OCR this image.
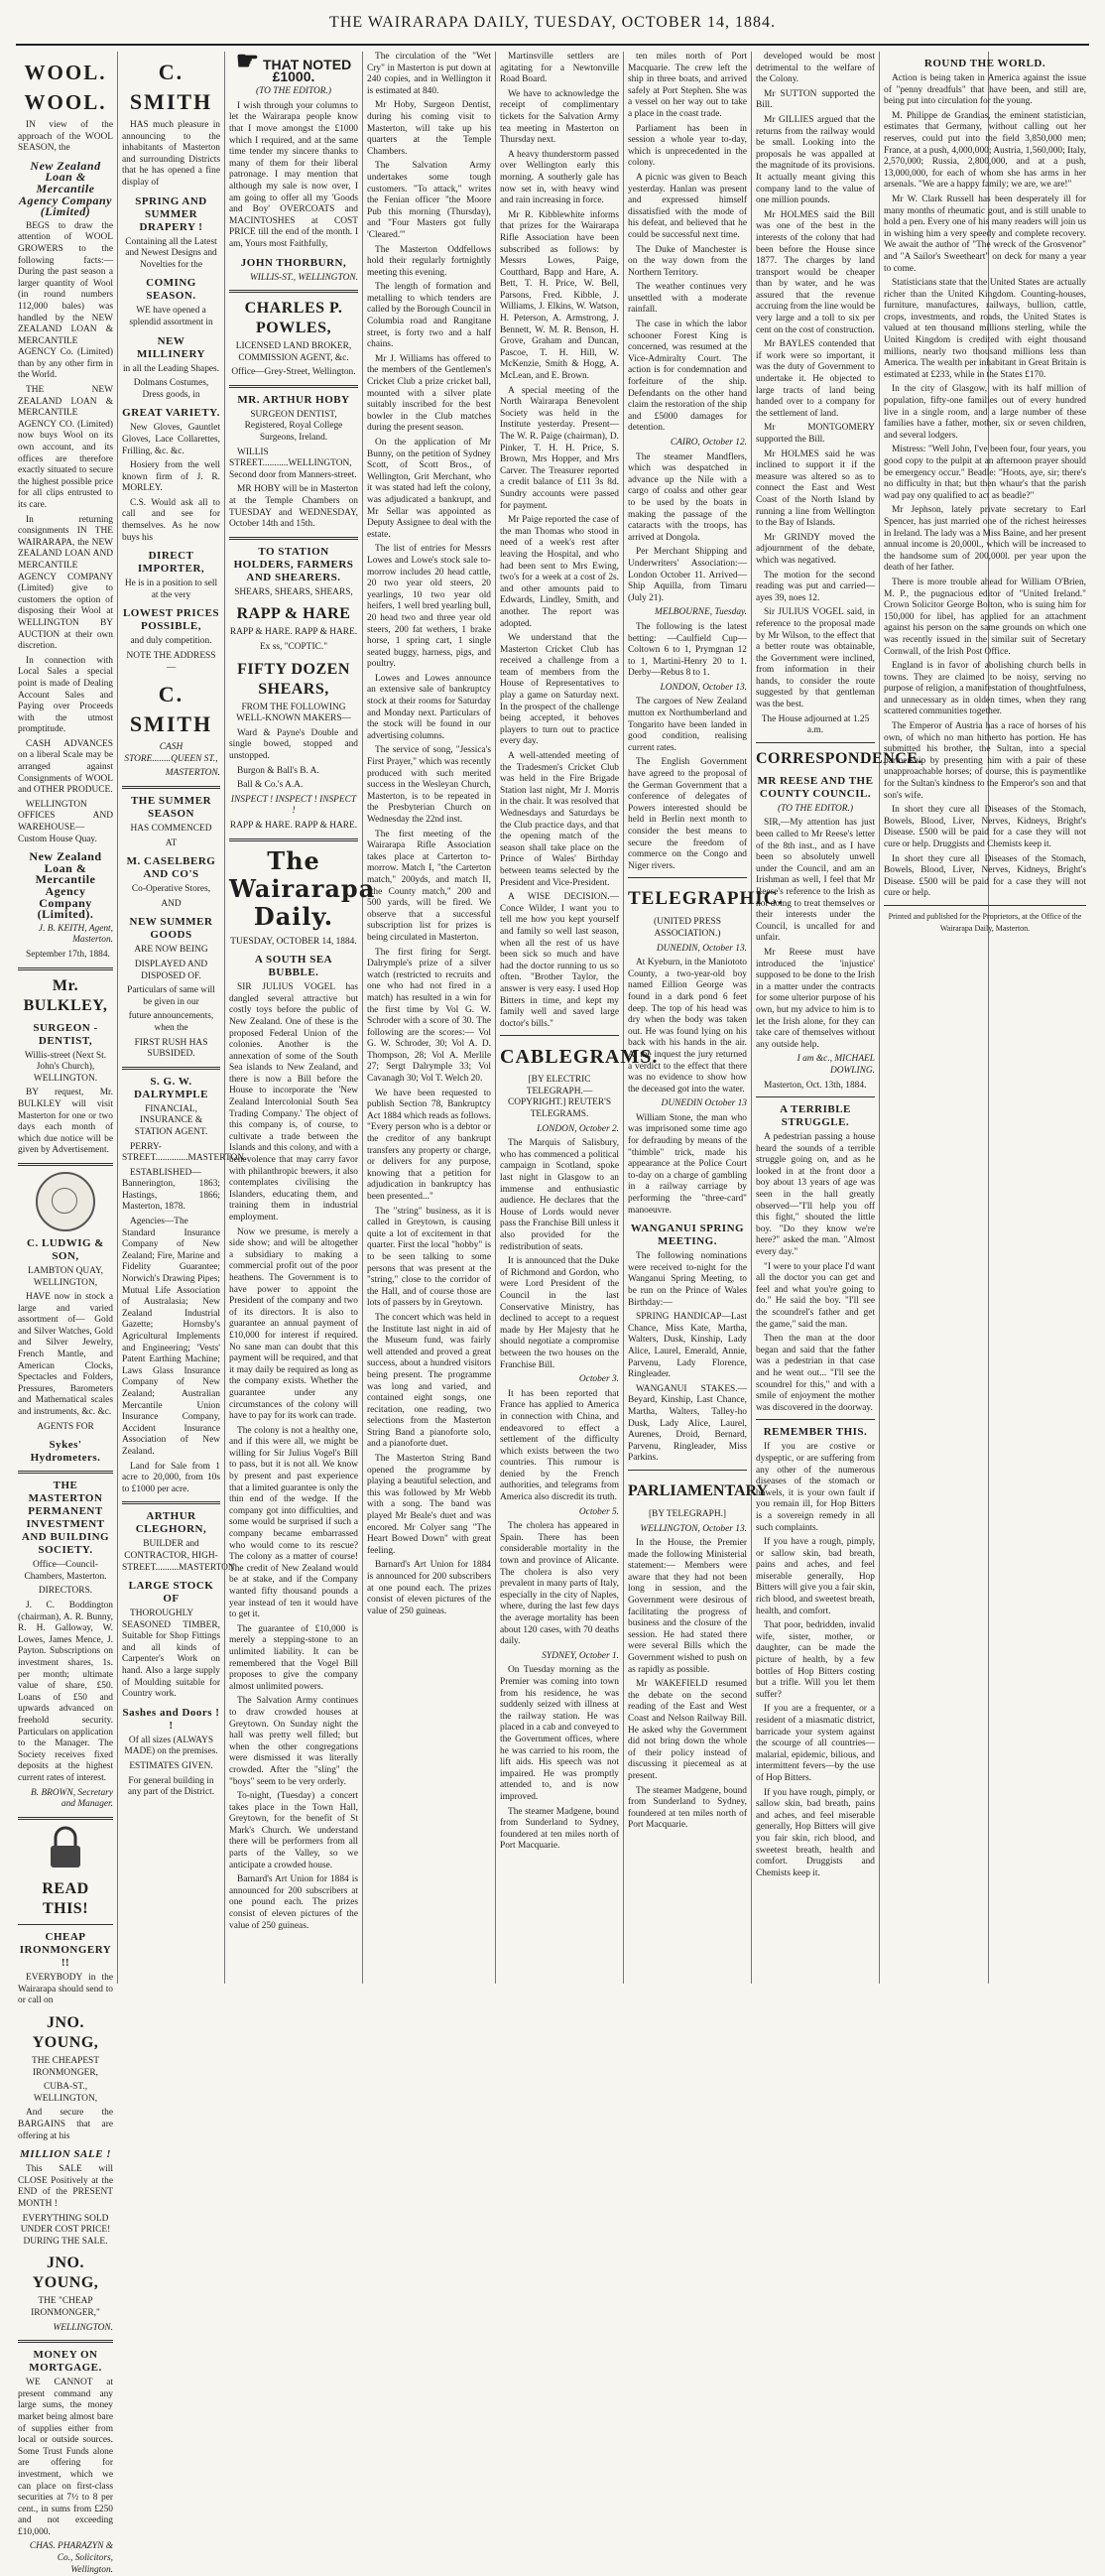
THE WAIRARAPA DAILY, TUESDAY, OCTOBER 14, 1884.
WOOL. WOOL.

IN view of the approach of the WOOL SEASON, the

New Zealand Loan & Mercantile Agency Company (Limited)

BEGS to draw the attention of WOOL GROWERS to the following facts:— During the past season a larger quantity of Wool (in round numbers 112,000 bales) was handled by the NEW ZEALAND LOAN & MERCANTILE AGENCY Co. (Limited) than by any other firm in the World.

THE NEW ZEALAND LOAN & MERCANTILE AGENCY CO. (Limited) now buys Wool on its own account, and its offices are therefore exactly situated to secure the highest possible price for all clips entrusted to its care.

In returning consignments IN THE WAIRARAPA, the NEW ZEALAND LOAN AND MERCANTILE AGENCY COMPANY (Limited) give to customers the option of disposing their Wool at WELLINGTON BY AUCTION at their own discretion.

In connection with Local Sales a special point is made of Dealing Account Sales and Paying over Proceeds with the utmost promptitude.

CASH ADVANCES on a liberal Scale may be arranged against Consignments of WOOL and OTHER PRODUCE.

WELLINGTON OFFICES AND WAREHOUSE— Custom House Quay.

New Zealand Loan & Mercantile Agency Company (Limited).

J. B. KEITH, Agent, Masterton.

September 17th, 1884.

Mr. BULKLEY,
SURGEON - DENTIST,

Willis-street (Next St. John's Church), WELLINGTON.

BY request, Mr. BULKLEY will visit Masterton for one or two days each month of which due notice will be given by Advertisement.

C. LUDWIG & SON,

LAMBTON QUAY, WELLINGTON,

HAVE now in stock a large and varied assortment of— Gold and Silver Watches, Gold and Silver Jewelry, French Mantle, and American Clocks, Spectacles and Folders, Pressures, Barometers and Mathematical scales and instruments, &c. &c.

AGENTS FOR

Sykes' Hydrometers.
THE MASTERTON PERMANENT INVESTMENT AND BUILDING SOCIETY.

Office—Council-Chambers, Masterton.

DIRECTORS.

J. C. Boddington (chairman), A. R. Bunny, R. H. Galloway, W. Lowes, James Mence, J. Payton. Subscriptions on investment shares, 1s. per month; ultimate value of share, £50. Loans of £50 and upwards advanced on freehold security. Particulars on application to the Manager. The Society receives fixed deposits at the highest current rates of interest.

B. BROWN, Secretary and Manager.

READ THIS!
CHEAP IRONMONGERY !!

EVERYBODY in the Wairarapa should send to or call on

JNO. YOUNG,

THE CHEAPEST IRONMONGER,

CUBA-ST., WELLINGTON,

And secure the BARGAINS that are offering at his

MILLION SALE !

This SALE will CLOSE Positively at the END of the PRESENT MONTH !

EVERYTHING SOLD UNDER COST PRICE! DURING THE SALE.

JNO. YOUNG,

THE "CHEAP IRONMONGER,"

WELLINGTON.

MONEY ON MORTGAGE.

WE CANNOT at present command any large sums, the money market being almost bare of supplies either from local or outside sources. Some Trust Funds alone are offering for investment, which we can place on first-class securities at 7½ to 8 per cent., in sums from £250 and not exceeding £10,000.

CHAS. PHARAZYN & Co., Solicitors, Wellington.

C. SMITH

HAS much pleasure in announcing to the inhabitants of Masterton and surrounding Districts that he has opened a fine display of

SPRING AND SUMMER DRAPERY !

Containing all the Latest and Newest Designs and Novelties for the

COMING SEASON.

WE have opened a splendid assortment in

NEW MILLINERY

in all the Leading Shapes.

Dolmans Costumes, Dress goods, in

GREAT VARIETY.

New Gloves, Gauntlet Gloves, Lace Collarettes, Frilling, &c. &c.

Hosiery from the well known firm of J. R. MORLEY.

C.S. Would ask all to call and see for themselves. As he now buys his

DIRECT IMPORTER,

He is in a position to sell at the very

LOWEST PRICES POSSIBLE,

and duly competition.

NOTE THE ADDRESS—

C. SMITH

CASH STORE........QUEEN ST.,

MASTERTON.

THE SUMMER SEASON

HAS COMMENCED

AT

M. CASELBERG AND CO'S

Co-Operative Stores,

AND

NEW SUMMER GOODS

ARE NOW BEING

DISPLAYED AND DISPOSED OF.

Particulars of same will be given in our

future announcements, when the

FIRST RUSH HAS SUBSIDED.

S. G. W. DALRYMPLE

FINANCIAL, INSURANCE & STATION AGENT.

PERRY-STREET..............MASTERTON.

ESTABLISHED—Bannerington, 1863; Hastings, 1866; Masterton, 1878.

Agencies—The Standard Insurance Company of New Zealand; Fire, Marine and Fidelity Guarantee; Norwich's Drawing Pipes; Mutual Life Association of Australasia; New Zealand Industrial Gazette; Hornsby's Agricultural Implements and Engineering; 'Vests' Patent Earthing Machine; Laws Glass Insurance Company of New Zealand; Australian Mercantile Union Insurance Company, Accident Insurance Association of New Zealand.

Land for Sale from 1 acre to 20,000, from 10s to £1000 per acre.

ARTHUR CLEGHORN,

BUILDER and CONTRACTOR, HIGH-STREET..........MASTERTON.

LARGE STOCK OF

THOROUGHLY SEASONED TIMBER, Suitable for Shop Fittings and all kinds of Carpenter's Work on hand. Also a large supply of Moulding suitable for Country work.

Sashes and Doors ! !

Of all sizes (ALWAYS MADE) on the premises.

ESTIMATES GIVEN.

For general building in any part of the District.

☛ THAT NOTED £1000.

(TO THE EDITOR.)

I wish through your columns to let the Wairarapa people know that I move amongst the £1000 which I required, and at the same time tender my sincere thanks to many of them for their liberal patronage. I may mention that although my sale is now over, I am going to offer all my 'Goods and Boy' OVERCOATS and MACINTOSHES at COST PRICE till the end of the month. I am, Yours most Faithfully,

JOHN THORBURN,

WILLIS-ST., WELLINGTON.

CHARLES P. POWLES,

LICENSED LAND BROKER, COMMISSION AGENT, &c.

Office—Grey-Street, Wellington.

MR. ARTHUR HOBY

SURGEON DENTIST, Registered, Royal College Surgeons, Ireland.

WILLIS STREET...........WELLINGTON, Second door from Manners-street.

MR HOBY will be in Masterton at the Temple Chambers on TUESDAY and WEDNESDAY, October 14th and 15th.

TO STATION HOLDERS, FARMERS AND SHEARERS.

SHEARS, SHEARS, SHEARS,

RAPP & HARE

RAPP & HARE. RAPP & HARE.

Ex ss, "COPTIC."

FIFTY DOZEN SHEARS,

FROM THE FOLLOWING WELL-KNOWN MAKERS—

Ward & Payne's Double and single bowed, stopped and unstopped.

Burgon & Ball's B. A.

Ball & Co.'s A.A.

INSPECT ! INSPECT ! INSPECT !

RAPP & HARE. RAPP & HARE.

The Wairarapa Daily.

TUESDAY, OCTOBER 14, 1884.

A SOUTH SEA BUBBLE.

SIR JULIUS VOGEL has dangled several attractive but costly toys before the public of New Zealand. One of these is the proposed Federal Union of the colonies. Another is the annexation of some of the South Sea islands to New Zealand, and there is now a Bill before the House to incorporate the 'New Zealand Intercolonial South Sea Trading Company.' The object of this company is, of course, to cultivate a trade between the Islands and this colony, and with a benevolence that may carry favor with philanthropic brewers, it also contemplates civilising the Islanders, educating them, and training them in industrial employment.

Now we presume, is merely a side show; and will be altogether a subsidiary to making a commercial profit out of the poor heathens. The Government is to have power to appoint the President of the company and two of its directors. It is also to guarantee an annual payment of £10,000 for interest if required. No sane man can doubt that this payment will be required, and that it may daily be required as long as the company exists. Whether the guarantee under any circumstances of the colony will have to pay for its work can trade.

The colony is not a healthy one, and if this were all, we might be willing for Sir Julius Vogel's Bill to pass, but it is not all. We know by present and past experience that a limited guarantee is only the thin end of the wedge. If the company got into difficulties, and some would be surprised if such a company became embarrassed who would come to its rescue? The colony as a matter of course! The credit of New Zealand would be at stake, and if the Company wanted fifty thousand pounds a year instead of ten it would have to get it.

The guarantee of £10,000 is merely a stepping-stone to an unlimited liability. It can be remembered that the Vogel Bill proposes to give the company almost unlimited powers.

The Salvation Army continues to draw crowded houses at Greytown. On Sunday night the hall was pretty well filled; but when the other congregations were dismissed it was literally crowded. After the "sling" the "boys" seem to be very orderly.

To-night, (Tuesday) a concert takes place in the Town Hall, Greytown, for the benefit of St Mark's Church. We understand there will be performers from all parts of the Valley, so we anticipate a crowded house.

Barnard's Art Union for 1884 is announced for 200 subscribers at one pound each. The prizes consist of eleven pictures of the value of 250 guineas.

The circulation of the "Wet Cry" in Masterton is put down at 240 copies, and in Wellington it is estimated at 840.

Mr Hoby, Surgeon Dentist, during his coming visit to Masterton, will take up his quarters at the Temple Chambers.

The Salvation Army undertakes some tough customers. "To attack," writes the Fenian officer "the Moore Pub this morning (Thursday), and "Four Masters got fully 'Cleared.'"

The Masterton Oddfellows hold their regularly fortnightly meeting this evening.

The length of formation and metalling to which tenders are called by the Borough Council in Columbia road and Rangitane street, is forty two and a half chains.

Mr J. Williams has offered to the members of the Gentlemen's Cricket Club a prize cricket ball, mounted with a silver plate suitably inscribed for the best bowler in the Club matches during the present season.

On the application of Mr Bunny, on the petition of Sydney Scott, of Scott Bros., of Wellington, Grit Merchant, who it was stated had left the colony, was adjudicated a bankrupt, and Mr Sellar was appointed as Deputy Assignee to deal with the estate.

The list of entries for Messrs Lowes and Lowe's stock sale to-morrow includes 20 head cattle, 20 two year old steers, 20 yearlings, 10 two year old heifers, 1 well bred yearling bull, 20 head two and three year old steers, 200 fat wethers, 1 brake horse, 1 spring cart, 1 single seated buggy, harness, pigs, and poultry.

Lowes and Lowes announce an extensive sale of bankruptcy stock at their rooms for Saturday and Monday next. Particulars of the stock will be found in our advertising columns.

The service of song, "Jessica's First Prayer," which was recently produced with such merited success in the Wesleyan Church, Masterton, is to be repeated in the Presbyterian Church on Wednesday the 22nd inst.

The first meeting of the Wairarapa Rifle Association takes place at Carterton to-morrow. Match I, "the Carterton match," 200yds, and match II, "the County match," 200 and 500 yards, will be fired. We observe that a successful subscription list for prizes is being circulated in Masterton.

The first firing for Sergt. Dalrymple's prize of a silver watch (restricted to recruits and one who had not fired in a match) has resulted in a win for the first time by Vol G. W. Schroder with a score of 30. The following are the scores:— Vol G. W. Schroder, 30; Vol A. D. Thompson, 28; Vol A. Merlile 27; Sergt Dalrymple 33; Vol Cavanagh 30; Vol T. Welch 20.

We have been requested to publish Section 78, Bankruptcy Act 1884 which reads as follows. "Every person who is a debtor or the creditor of any bankrupt transfers any property or charge, or delivers for any purpose, knowing that a petition for adjudication in bankruptcy has been presented..."

The "string" business, as it is called in Greytown, is causing quite a lot of excitement in that quarter. First the local "hobby" is to be seen talking to some persons that was present at the "string," close to the corridor of the Hall, and of course those are lots of passers by in Greytown.

The concert which was held in the Institute last night in aid of the Museum fund, was fairly well attended and proved a great success, about a hundred visitors being present. The programme was long and varied, and contained eight songs, one recitation, one reading, two selections from the Masterton String Band a pianoforte solo, and a pianoforte duet.

The Masterton String Band opened the programme by playing a beautiful selection, and this was followed by Mr Webb with a song. The band was played Mr Beale's duet and was encored. Mr Colyer sang "The Heart Bowed Down" with great feeling.

Barnard's Art Union for 1884 is announced for 200 subscribers at one pound each. The prizes consist of eleven pictures of the value of 250 guineas.

Martinsville settlers are agitating for a Newtonville Road Board.

We have to acknowledge the receipt of complimentary tickets for the Salvation Army tea meeting in Masterton on Thursday next.

A heavy thunderstorm passed over Wellington early this morning. A southerly gale has now set in, with heavy wind and rain increasing in force.

Mr R. Kibblewhite informs that prizes for the Wairarapa Rifle Association have been subscribed as follows: by Messrs Lowes, Paige, Coutthard, Bapp and Hare, A. Bett, T. H. Price, W. Bell, Parsons, Fred. Kibble, J. Williams, J. Elkins, W. Watson, H. Peterson, A. Armstrong, J. Bennett, W. M. R. Benson, H. Grove, Graham and Duncan, Pascoe, T. H. Hill, W. McKenzie, Smith & Hogg, A. McLean, and E. Brown.

A special meeting of the North Wairarapa Benevolent Society was held in the Institute yesterday. Present—The W. R. Paige (chairman), D. Pinker, T. H. H. Price, S. Brown, Mrs Hopper, and Mrs Carver. The Treasurer reported a credit balance of £11 3s 8d. Sundry accounts were passed for payment.

Mr Paige reported the case of the man Thomas who stood in need of a week's rest after leaving the Hospital, and who had been sent to Mrs Ewing, two's for a week at a cost of 2s. and other amounts paid to Edwards, Lindley, Smith, and another. The report was adopted.

We understand that the Masterton Cricket Club has received a challenge from a team of members from the House of Representatives to play a game on Saturday next. In the prospect of the challenge being accepted, it behoves players to turn out to practice every day.

A well-attended meeting of the Tradesmen's Cricket Club was held in the Fire Brigade Station last night, Mr J. Morris in the chair. It was resolved that Wednesdays and Saturdays be the Club practice days, and that the opening match of the season shall take place on the Prince of Wales' Birthday between teams selected by the President and Vice-President.

A WISE DECISION.—Conce Wilder, I want you to tell me how you kept yourself and family so well last season, when all the rest of us have been sick so much and have had the doctor running to us so often. "Brother Taylor, the answer is very easy. I used Hop Bitters in time, and kept my family well and saved large doctor's bills."

CABLEGRAMS.

[BY ELECTRIC TELEGRAPH.—COPYRIGHT.] REUTER'S TELEGRAMS.

LONDON, October 2.

The Marquis of Salisbury, who has commenced a political campaign in Scotland, spoke last night in Glasgow to an immense and enthusiastic audience. He declares that the House of Lords would never pass the Franchise Bill unless it also provided for the redistribution of seats.

It is announced that the Duke of Richmond and Gordon, who were Lord President of the Council in the last Conservative Ministry, has declined to accept to a request made by Her Majesty that he should negotiate a compromise between the two houses on the Franchise Bill.

October 3.

It has been reported that France has applied to America in connection with China, and endeavored to effect a settlement of the difficulty which exists between the two countries. This rumour is denied by the French authorities, and telegrams from America also discredit its truth.

October 5.

The cholera has appeared in Spain. There has been considerable mortality in the town and province of Alicante. The cholera is also very prevalent in many parts of Italy, especially in the city of Naples, where, during the last few days the average mortality has been about 120 cases, with 70 deaths daily.

SYDNEY, October 1.

On Tuesday morning as the Premier was coming into town from his residence, he was suddenly seized with illness at the railway station. He was placed in a cab and conveyed to the Government offices, where he was carried to his room, the lift aids. His speech was not impaired. He was promptly attended to, and is now improved.

The steamer Madgene, bound from Sunderland to Sydney, foundered at ten miles north of Port Macquarie.

ten miles north of Port Macquarie. The crew left the ship in three boats, and arrived safely at Port Stephen. She was a vessel on her way out to take a place in the coast trade.

Parliament has been in session a whole year to-day, which is unprecedented in the colony.

A picnic was given to Beach yesterday. Hanlan was present and expressed himself dissatisfied with the mode of his defeat, and believed that he could be successful next time.

The Duke of Manchester is on the way down from the Northern Territory.

The weather continues very unsettled with a moderate rainfall.

The case in which the labor schooner Forest King is concerned, was resumed at the Vice-Admiralty Court. The action is for condemnation and forfeiture of the ship. Defendants on the other hand claim the restoration of the ship and £5000 damages for detention.

CAIRO, October 12.

The steamer Mandflers, which was despatched in advance up the Nile with a cargo of coalss and other gear to be used by the boats in making the passage of the cataracts with the troops, has arrived at Dongola.

Per Merchant Shipping and Underwriters' Association:—London October 11. Arrived—Ship Aquilla, from Timaru (July 21).

MELBOURNE, Tuesday.

The following is the latest betting: —Caulfield Cup—Coltown 6 to 1, Prymgnan 12 to 1, Martini-Henry 20 to 1. Derby—Rebus 8 to 1.

LONDON, October 13.

The cargoes of New Zealand mutton ex Northumberland and Tongarito have been landed in good condition, realising current rates.

The English Government have agreed to the proposal of the German Government that a conference of delegates of Powers interested should be held in Berlin next month to consider the best means to secure the freedom of commerce on the Congo and Niger rivers.

TELEGRAPHIC.

(UNITED PRESS ASSOCIATION.)

DUNEDIN, October 13.

At Kyeburn, in the Maniototo County, a two-year-old boy named Eillion George was found in a dark pond 6 feet deep. The top of his head was dry when the body was taken out. He was found lying on his back with his hands in the air. At the inquest the jury returned a verdict to the effect that there was no evidence to show how the deceased got into the water.

DUNEDIN October 13

William Stone, the man who was imprisoned some time ago for defrauding by means of the "thimble" trick, made his appearance at the Police Court to-day on a charge of gambling in a railway carriage by performing the "three-card" manoeuvre.

WANGANUI SPRING MEETING.

The following nominations were received to-night for the Wanganui Spring Meeting, to be run on the Prince of Wales Birthday:—

SPRING HANDICAP—Last Chance, Miss Kate, Martha, Walters, Dusk, Kinship, Lady Alice, Laurel, Emerald, Annie, Parvenu, Lady Florence, Ringleader.

WANGANUI STAKES.—Beyard, Kinship, Last Chance, Martha, Walters, Talley-ho Dusk, Lady Alice, Laurel, Aurenes, Droid, Bernard, Parvenu, Ringleader, Miss Parkins.

PARLIAMENTARY

[BY TELEGRAPH.]

WELLINGTON, October 13.

In the House, the Premier made the following Ministerial statement:— Members were aware that they had not been long in session, and the Government were desirous of facilitating the progress of business and the closure of the session. He had stated there were several Bills which the Government wished to push on as rapidly as possible.

Mr WAKEFIELD resumed the debate on the second reading of the East and West Coast and Nelson Railway Bill. He asked why the Government did not bring down the whole of their policy instead of discussing it piecemeal as at present.

The steamer Madgene, bound from Sunderland to Sydney, foundered at ten miles north of Port Macquarie.

developed would be most detrimental to the welfare of the Colony.

Mr SUTTON supported the Bill.

Mr GILLIES argued that the returns from the railway would be small. Looking into the proposals he was appalled at the magnitude of its provisions. It actually meant giving this company land to the value of one million pounds.

Mr HOLMES said the Bill was one of the best in the interests of the colony that had been before the House since 1877. The charges by land transport would be cheaper than by water, and he was assured that the revenue accruing from the line would be very large and a toll to six per cent on the cost of construction.

Mr BAYLES contended that if work were so important, it was the duty of Government to undertake it. He objected to large tracts of land being handed over to a company for the settlement of land.

Mr MONTGOMERY supported the Bill.

Mr HOLMES said he was inclined to support it if the measure was altered so as to connect the East and West Coast of the North Island by running a line from Wellington to the Bay of Islands.

Mr GRINDY moved the adjournment of the debate, which was negatived.

The motion for the second reading was put and carried—ayes 39, noes 12.

Sir JULIUS VOGEL said, in reference to the proposal made by Mr Wilson, to the effect that a better route was obtainable, the Government were inclined, from information in their hands, to consider the route suggested by that gentleman was the best.

The House adjourned at 1.25 a.m.

CORRESPONDENCE.
MR REESE AND THE COUNTY COUNCIL.

(TO THE EDITOR.)

SIR,—My attention has just been called to Mr Reese's letter of the 8th inst., and as I have been so absolutely unwell under the Council, and am an Irishman as well, I feel that Mr Reese's reference to the Irish as not doing to treat themselves or their interests under the Council, is uncalled for and unfair.

Mr Reese must have introduced the 'injustice' supposed to be done to the Irish in a matter under the contracts for some ulterior purpose of his own, but my advice to him is to let the Irish alone, for they can take care of themselves without any outside help.

I am &c., MICHAEL DOWLING.

Masterton, Oct. 13th, 1884.

A TERRIBLE STRUGGLE.

A pedestrian passing a house heard the sounds of a terrible struggle going on, and as he looked in at the front door a boy about 13 years of age was seen in the hall greatly observed—"I'll help you off this fight," shouted the little boy. "Do they know we're here?" asked the man. "Almost every day."

"I were to your place I'd want all the doctor you can get and feel and what you're going to do." He said the boy. "I'll see the scoundrel's father and get the game," said the man.

Then the man at the door began and said that the father was a pedestrian in that case and he went out... "I'll see the scoundrel for this," and with a smile of enjoyment the mother was discovered in the doorway.

REMEMBER THIS.

If you are costive or dyspeptic, or are suffering from any other of the numerous diseases of the stomach or bowels, it is your own fault if you remain ill, for Hop Bitters is a sovereign remedy in all such complaints.

If you have a rough, pimply, or sallow skin, bad breath, pains and aches, and feel miserable generally, Hop Bitters will give you a fair skin, rich blood, and sweetest breath, health, and comfort.

That poor, bedridden, invalid wife, sister, mother, or daughter, can be made the picture of health, by a few bottles of Hop Bitters costing but a trifle. Will you let them suffer?

If you are a frequenter, or a resident of a miasmatic district, barricade your system against the scourge of all countries—malarial, epidemic, bilious, and intermittent fevers—by the use of Hop Bitters.

If you have rough, pimply, or sallow skin, bad breath, pains and aches, and feel miserable generally, Hop Bitters will give you fair skin, rich blood, and sweetest breath, health and comfort. Druggists and Chemists keep it.

ROUND THE WORLD.

Action is being taken in America against the issue of "penny dreadfuls" that have been, and still are, being put into circulation for the young.

M. Philippe de Grandias, the eminent statistician, estimates that Germany, without calling out her reserves, could put into the field 3,850,000 men; France, at a push, 4,000,000; Austria, 1,560,000; Italy, 2,570,000; Russia, 2,800,000, and at a push, 13,000,000, for each of whom she has arms in her arsenals. "We are a happy family; we are, we are!"

Mr W. Clark Russell has been desperately ill for many months of rheumatic gout, and is still unable to hold a pen. Every one of his many readers will join us in wishing him a very speedy and complete recovery. We await the author of "The wreck of the Grosvenor" and "A Sailor's Sweetheart" on deck for many a year to come.

Statisticians state that the United States are actually richer than the United Kingdom. Counting-houses, furniture, manufactures, railways, bullion, cattle, crops, investments, and roads, the United States is valued at ten thousand millions sterling, while the United Kingdom is credited with eight thousand millions, nearly two thousand millions less than America. The wealth per inhabitant in Great Britain is estimated at £233, while in the States £170.

In the city of Glasgow, with its half million of population, fifty-one families out of every hundred live in a single room, and a large number of these families have a father, mother, six or seven children, and several lodgers.

Mistress: "Well John, I've been four, four years, you good copy to the pulpit at an afternoon prayer should be emergency occur." Beadle: "Hoots, aye, sir; there's no difficulty in that; but then whaur's that the parish wad pay ony qualified to act as beadle?"

Mr Jephson, lately private secretary to Earl Spencer, has just married one of the richest heiresses in Ireland. The lady was a Miss Baine, and her present annual income is 20,000l., which will be increased to the handsome sum of 200,000l. per year upon the death of her father.

There is more trouble ahead for William O'Brien, M. P., the pugnacious editor of "United Ireland." Crown Solicitor George Bolton, who is suing him for 150,000 for libel, has applied for an attachment against his person on the same grounds on which one was recently issued in the similar suit of Secretary Cornwall, of the Irish Post Office.

England is in favor of abolishing church bells in towns. They are claimed to be noisy, serving no purpose of religion, a manifestation of thoughtfulness, and unnecessary as in olden times, when they rang scattered communities together.

The Emperor of Austria has a race of horses of his own, of which no man hitherto has portion. He has submitted his brother, the Sultan, into a special partnership by presenting him with a pair of these unapproachable horses; of course, this is paymentlike for the Sultan's kindness to the Emperor's son and that son's wife.

In short they cure all Diseases of the Stomach, Bowels, Blood, Liver, Nerves, Kidneys, Bright's Disease. £500 will be paid for a case they will not cure or help. Druggists and Chemists keep it.

In short they cure all Diseases of the Stomach, Bowels, Blood, Liver, Nerves, Kidneys, Bright's Disease. £500 will be paid for a case they will not cure or help.

Printed and published for the Proprietors, at the Office of the Wairarapa Daily, Masterton.
